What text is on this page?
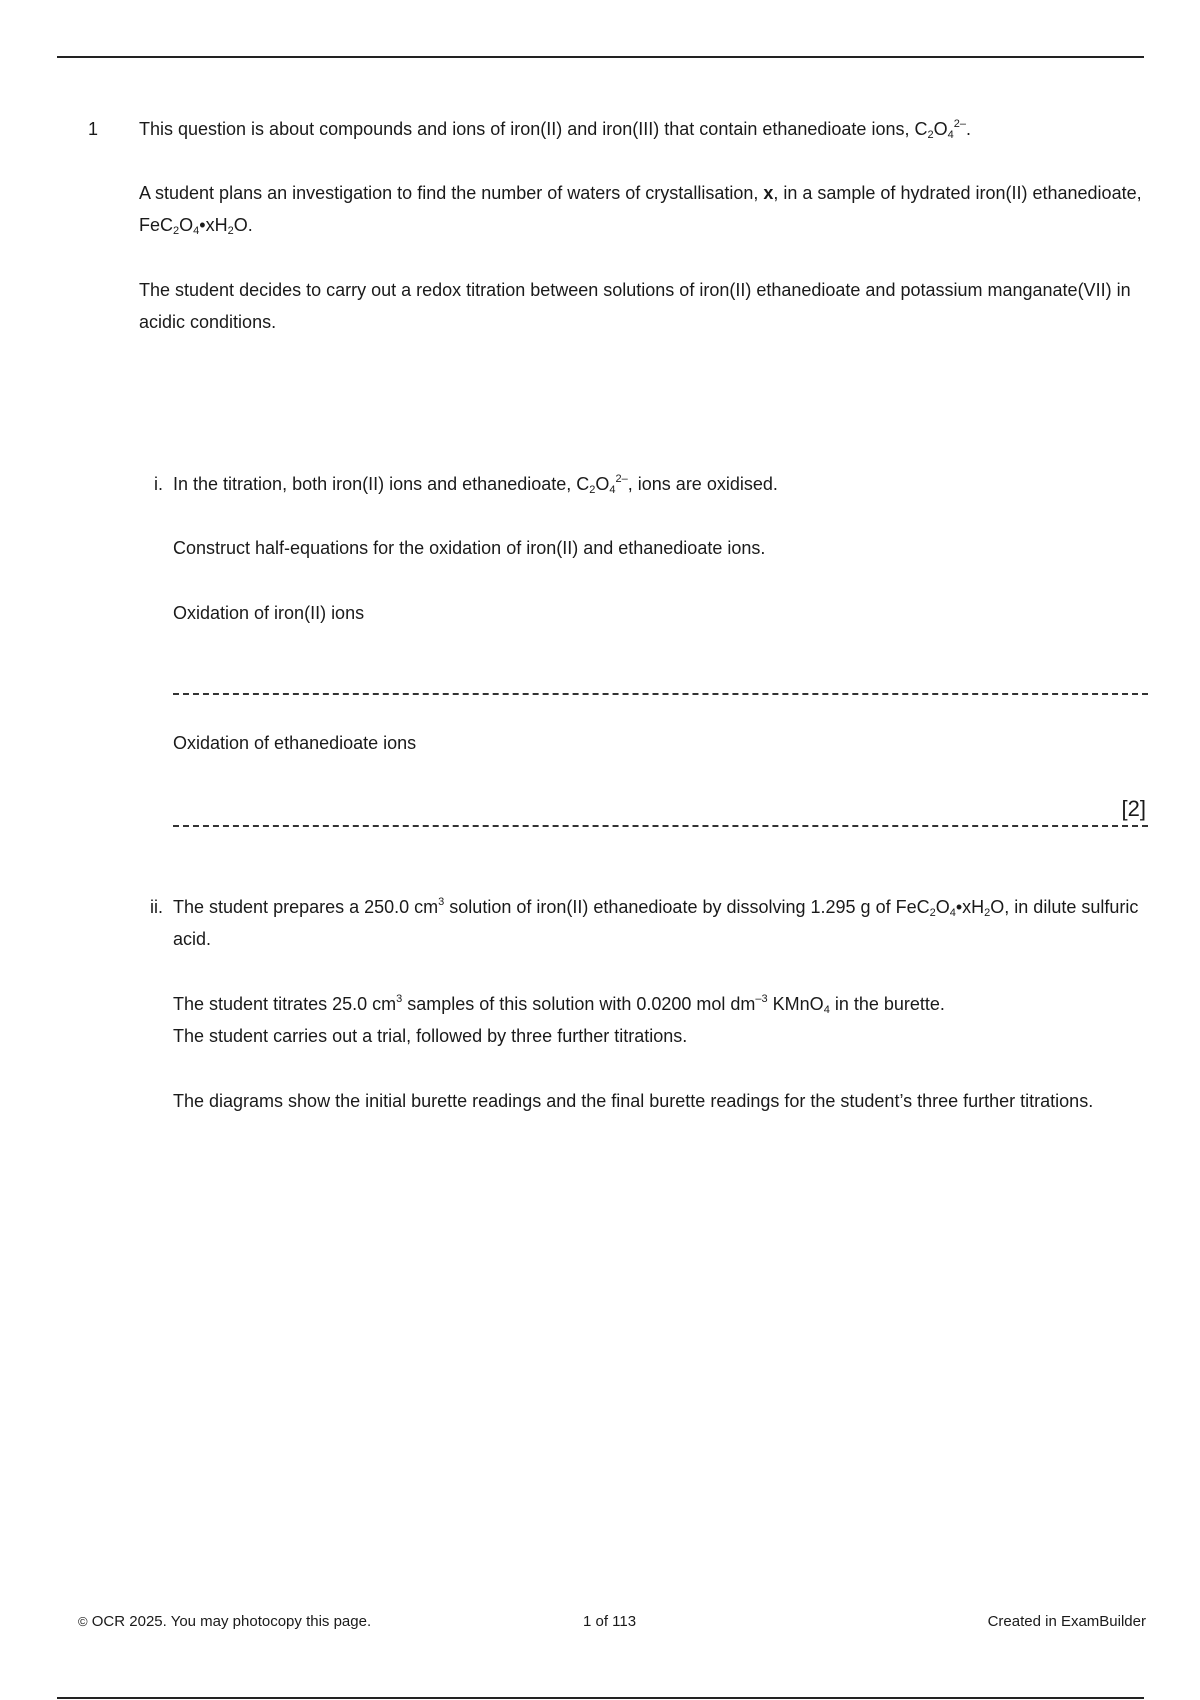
1 This question is about compounds and ions of iron(II) and iron(III) that contain ethanedioate ions, $C_2O_4^{2-}$.
A student plans an investigation to find the number of waters of crystallisation, x, in a sample of hydrated iron(II) ethanedioate, $FeC_2O_4•xH_2O$.
The student decides to carry out a redox titration between solutions of iron(II) ethanedioate and potassium manganate(VII) in acidic conditions.
i. In the titration, both iron(II) ions and ethanedioate, $C_2O_4^{2-}$, ions are oxidised.
Construct half-equations for the oxidation of iron(II) and ethanedioate ions.
Oxidation of iron(II) ions
Oxidation of ethanedioate ions
[2]
ii. The student prepares a 250.0 $cm^3$ solution of iron(II) ethanedioate by dissolving 1.295 g of $FeC_2O_4•xH_2O$, in dilute sulfuric acid.
The student titrates 25.0 $cm^3$ samples of this solution with 0.0200 mol $dm^{-3}$ KMnO$_4$ in the burette.
The student carries out a trial, followed by three further titrations.
The diagrams show the initial burette readings and the final burette readings for the student’s three further titrations.
© OCR 2025. You may photocopy this page.	1 of 113	Created in ExamBuilder
